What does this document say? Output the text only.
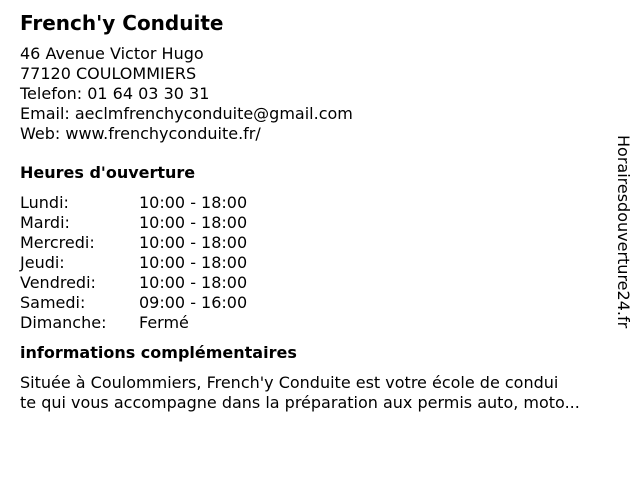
French'y Conduite
46 Avenue Victor Hugo
77120 COULOMMIERS
Telefon: 01 64 03 30 31
Email: aeclmfrenchyconduite@gmail.com
Web: www.frenchyconduite.fr/
Heures d'ouverture
Lundi:	10:00 - 18:00
Mardi:	10:00 - 18:00
Mercredi:	10:00 - 18:00
Jeudi:	10:00 - 18:00
Vendredi:	10:00 - 18:00
Samedi:	09:00 - 16:00
Dimanche:	Fermé
informations complémentaires
Située à Coulommiers, French'y Conduite est votre école de condui
te qui vous accompagne dans la préparation aux permis auto, moto...
Horairesdouverture24.fr
